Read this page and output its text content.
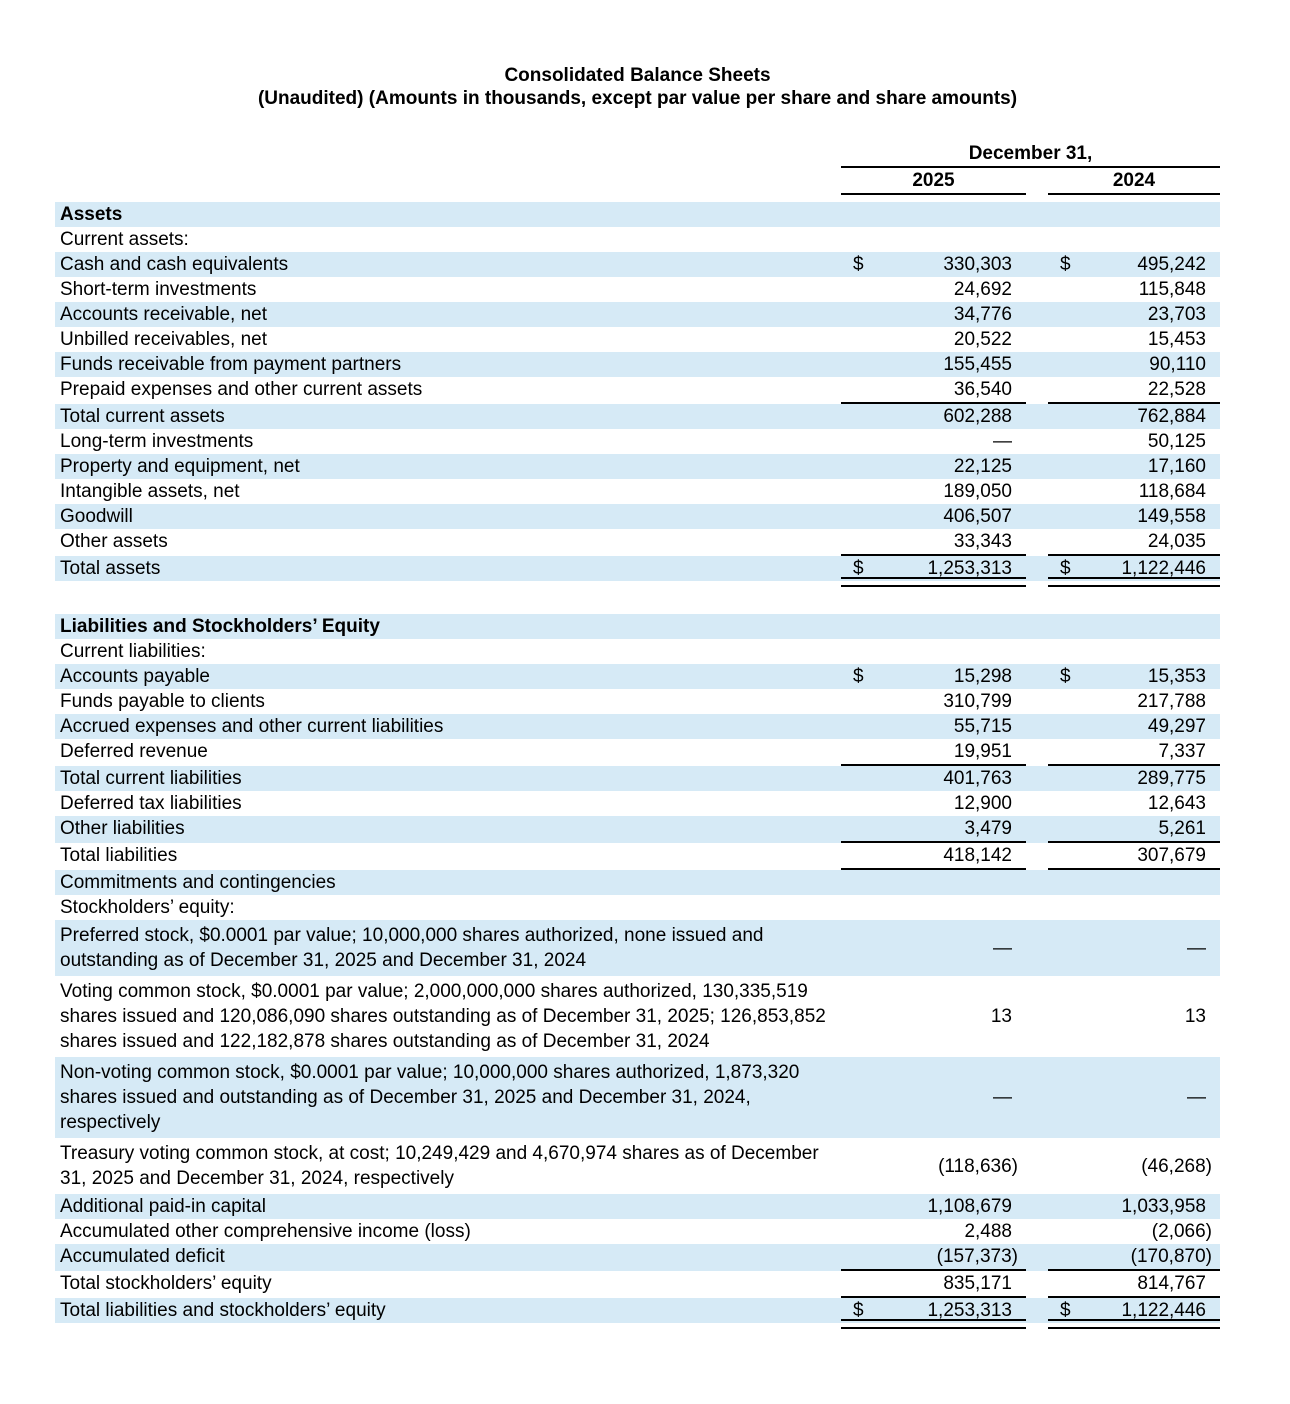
Consolidated Balance Sheets
(Unaudited) (Amounts in thousands, except par value per share and share amounts)
December 31,
2025	2024
Assets
Current assets:
Cash and cash equivalents	$	330,303	$	495,242
Short-term investments	24,692	115,848
Accounts receivable, net	34,776	23,703
Unbilled receivables, net	20,522	15,453
Funds receivable from payment partners	155,455	90,110
Prepaid expenses and other current assets	36,540	22,528
Total current assets	602,288	762,884
Long-term investments	—	50,125
Property and equipment, net	22,125	17,160
Intangible assets, net	189,050	118,684
Goodwill	406,507	149,558
Other assets	33,343	24,035
Total assets	$	1,253,313	$	1,122,446
Liabilities and Stockholders’ Equity
Current liabilities:
Accounts payable	$	15,298	$	15,353
Funds payable to clients	310,799	217,788
Accrued expenses and other current liabilities	55,715	49,297
Deferred revenue	19,951	7,337
Total current liabilities	401,763	289,775
Deferred tax liabilities	12,900	12,643
Other liabilities	3,479	5,261
Total liabilities	418,142	307,679
Commitments and contingencies
Stockholders’ equity:
Preferred stock, $0.0001 par value; 10,000,000 shares authorized, none issued and outstanding as of December 31, 2025 and December 31, 2024
—	—
Voting common stock, $0.0001 par value; 2,000,000,000 shares authorized, 130,335,519 shares issued and 120,086,090 shares outstanding as of December 31, 2025; 126,853,852 shares issued and 122,182,878 shares outstanding as of December 31, 2024
13	13
Non-voting common stock, $0.0001 par value; 10,000,000 shares authorized, 1,873,320 shares issued and outstanding as of December 31, 2025 and December 31, 2024, respectively
—	—
Treasury voting common stock, at cost; 10,249,429 and 4,670,974 shares as of December 31, 2025 and December 31, 2024, respectively
(118,636)	(46,268)
Additional paid-in capital	1,108,679	1,033,958
Accumulated other comprehensive income (loss)	2,488	(2,066)
Accumulated deficit	(157,373)	(170,870)
Total stockholders’ equity	835,171	814,767
Total liabilities and stockholders’ equity	$	1,253,313	$	1,122,446
